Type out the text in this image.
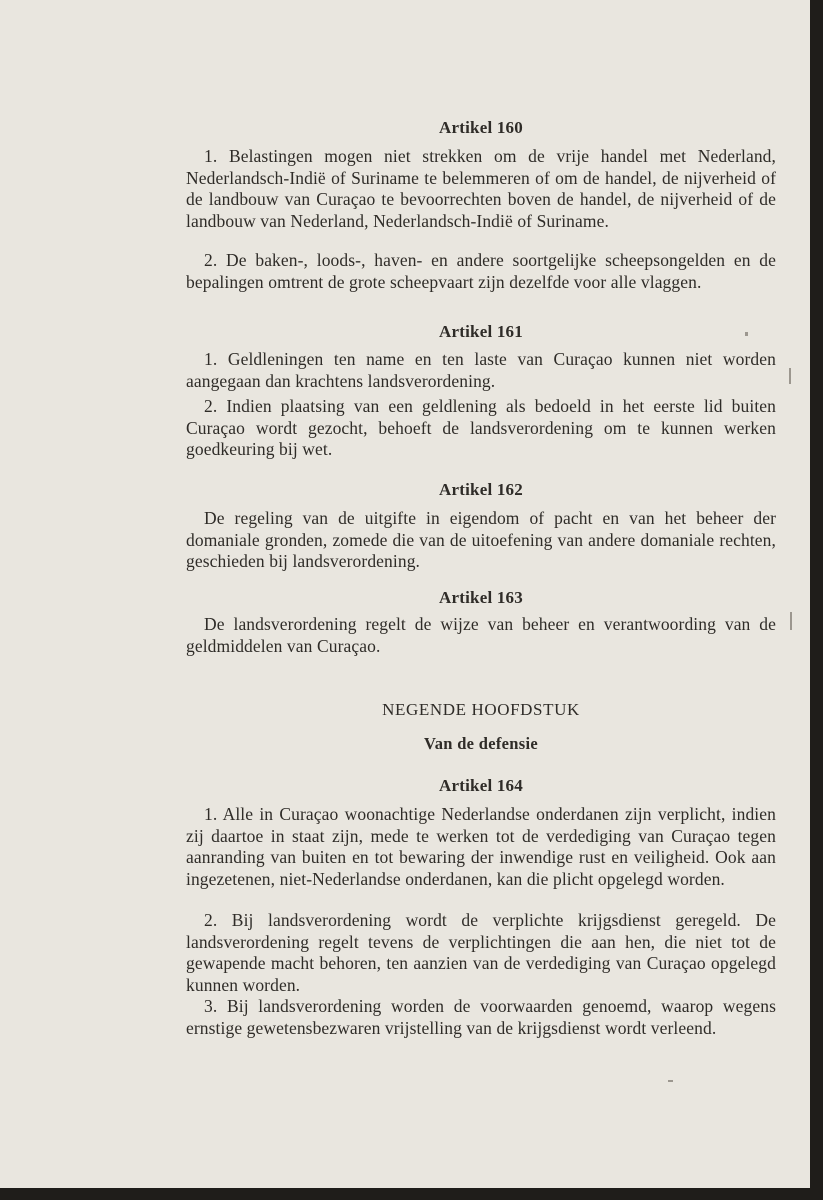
Artikel 160
1. Belastingen mogen niet strekken om de vrije handel met Nederland, Nederlandsch-Indië of Suriname te belemmeren of om de handel, de nijverheid of de landbouw van Curaçao te bevoorrechten boven de handel, de nijverheid of de landbouw van Nederland, Nederlandsch-Indië of Suriname.
2. De baken-, loods-, haven- en andere soortgelijke scheepsongelden en de bepalingen omtrent de grote scheepvaart zijn dezelfde voor alle vlaggen.
Artikel 161
1. Geldleningen ten name en ten laste van Curaçao kunnen niet worden aangegaan dan krachtens landsverordening.
2. Indien plaatsing van een geldlening als bedoeld in het eerste lid buiten Curaçao wordt gezocht, behoeft de landsverordening om te kunnen werken goedkeuring bij wet.
Artikel 162
De regeling van de uitgifte in eigendom of pacht en van het beheer der domaniale gronden, zomede die van de uitoefening van andere domaniale rechten, geschieden bij landsverordening.
Artikel 163
De landsverordening regelt de wijze van beheer en verantwoording van de geldmiddelen van Curaçao.
NEGENDE HOOFDSTUK
Van de defensie
Artikel 164
1. Alle in Curaçao woonachtige Nederlandse onderdanen zijn verplicht, indien zij daartoe in staat zijn, mede te werken tot de verdediging van Curaçao tegen aanranding van buiten en tot bewaring der inwendige rust en veiligheid. Ook aan ingezetenen, niet-Nederlandse onderdanen, kan die plicht opgelegd worden.
2. Bij landsverordening wordt de verplichte krijgsdienst geregeld. De landsverordening regelt tevens de verplichtingen die aan hen, die niet tot de gewapende macht behoren, ten aanzien van de verdediging van Curaçao opgelegd kunnen worden.
3. Bij landsverordening worden de voorwaarden genoemd, waarop wegens ernstige gewetensbezwaren vrijstelling van de krijgsdienst wordt verleend.
